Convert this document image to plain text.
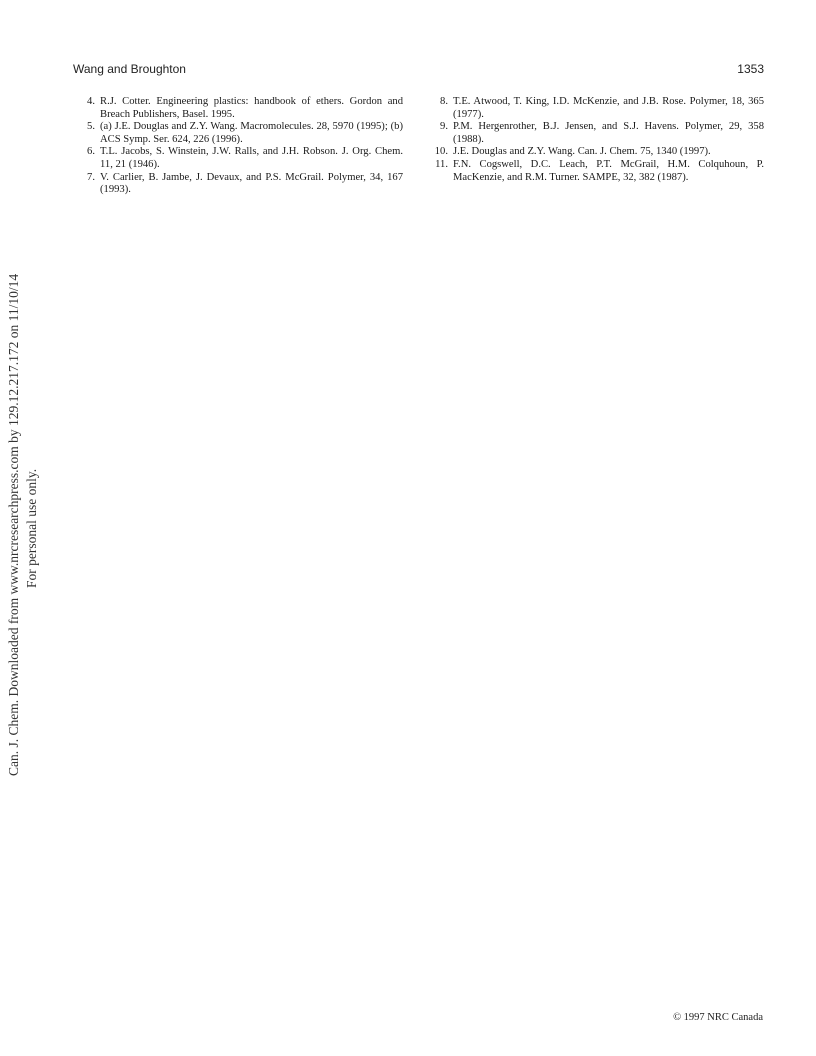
Wang and Broughton	1353
4. R.J. Cotter. Engineering plastics: handbook of ethers. Gordon and Breach Publishers, Basel. 1995.
5. (a) J.E. Douglas and Z.Y. Wang. Macromolecules. 28, 5970 (1995); (b) ACS Symp. Ser. 624, 226 (1996).
6. T.L. Jacobs, S. Winstein, J.W. Ralls, and J.H. Robson. J. Org. Chem. 11, 21 (1946).
7. V. Carlier, B. Jambe, J. Devaux, and P.S. McGrail. Polymer, 34, 167 (1993).
8. T.E. Atwood, T. King, I.D. McKenzie, and J.B. Rose. Polymer, 18, 365 (1977).
9. P.M. Hergenrother, B.J. Jensen, and S.J. Havens. Polymer, 29, 358 (1988).
10. J.E. Douglas and Z.Y. Wang. Can. J. Chem. 75, 1340 (1997).
11. F.N. Cogswell, D.C. Leach, P.T. McGrail, H.M. Colquhoun, P. MacKenzie, and R.M. Turner. SAMPE, 32, 382 (1987).
Can. J. Chem. Downloaded from www.nrcresearchpress.com by 129.12.217.172 on 11/10/14 For personal use only.
© 1997 NRC Canada
